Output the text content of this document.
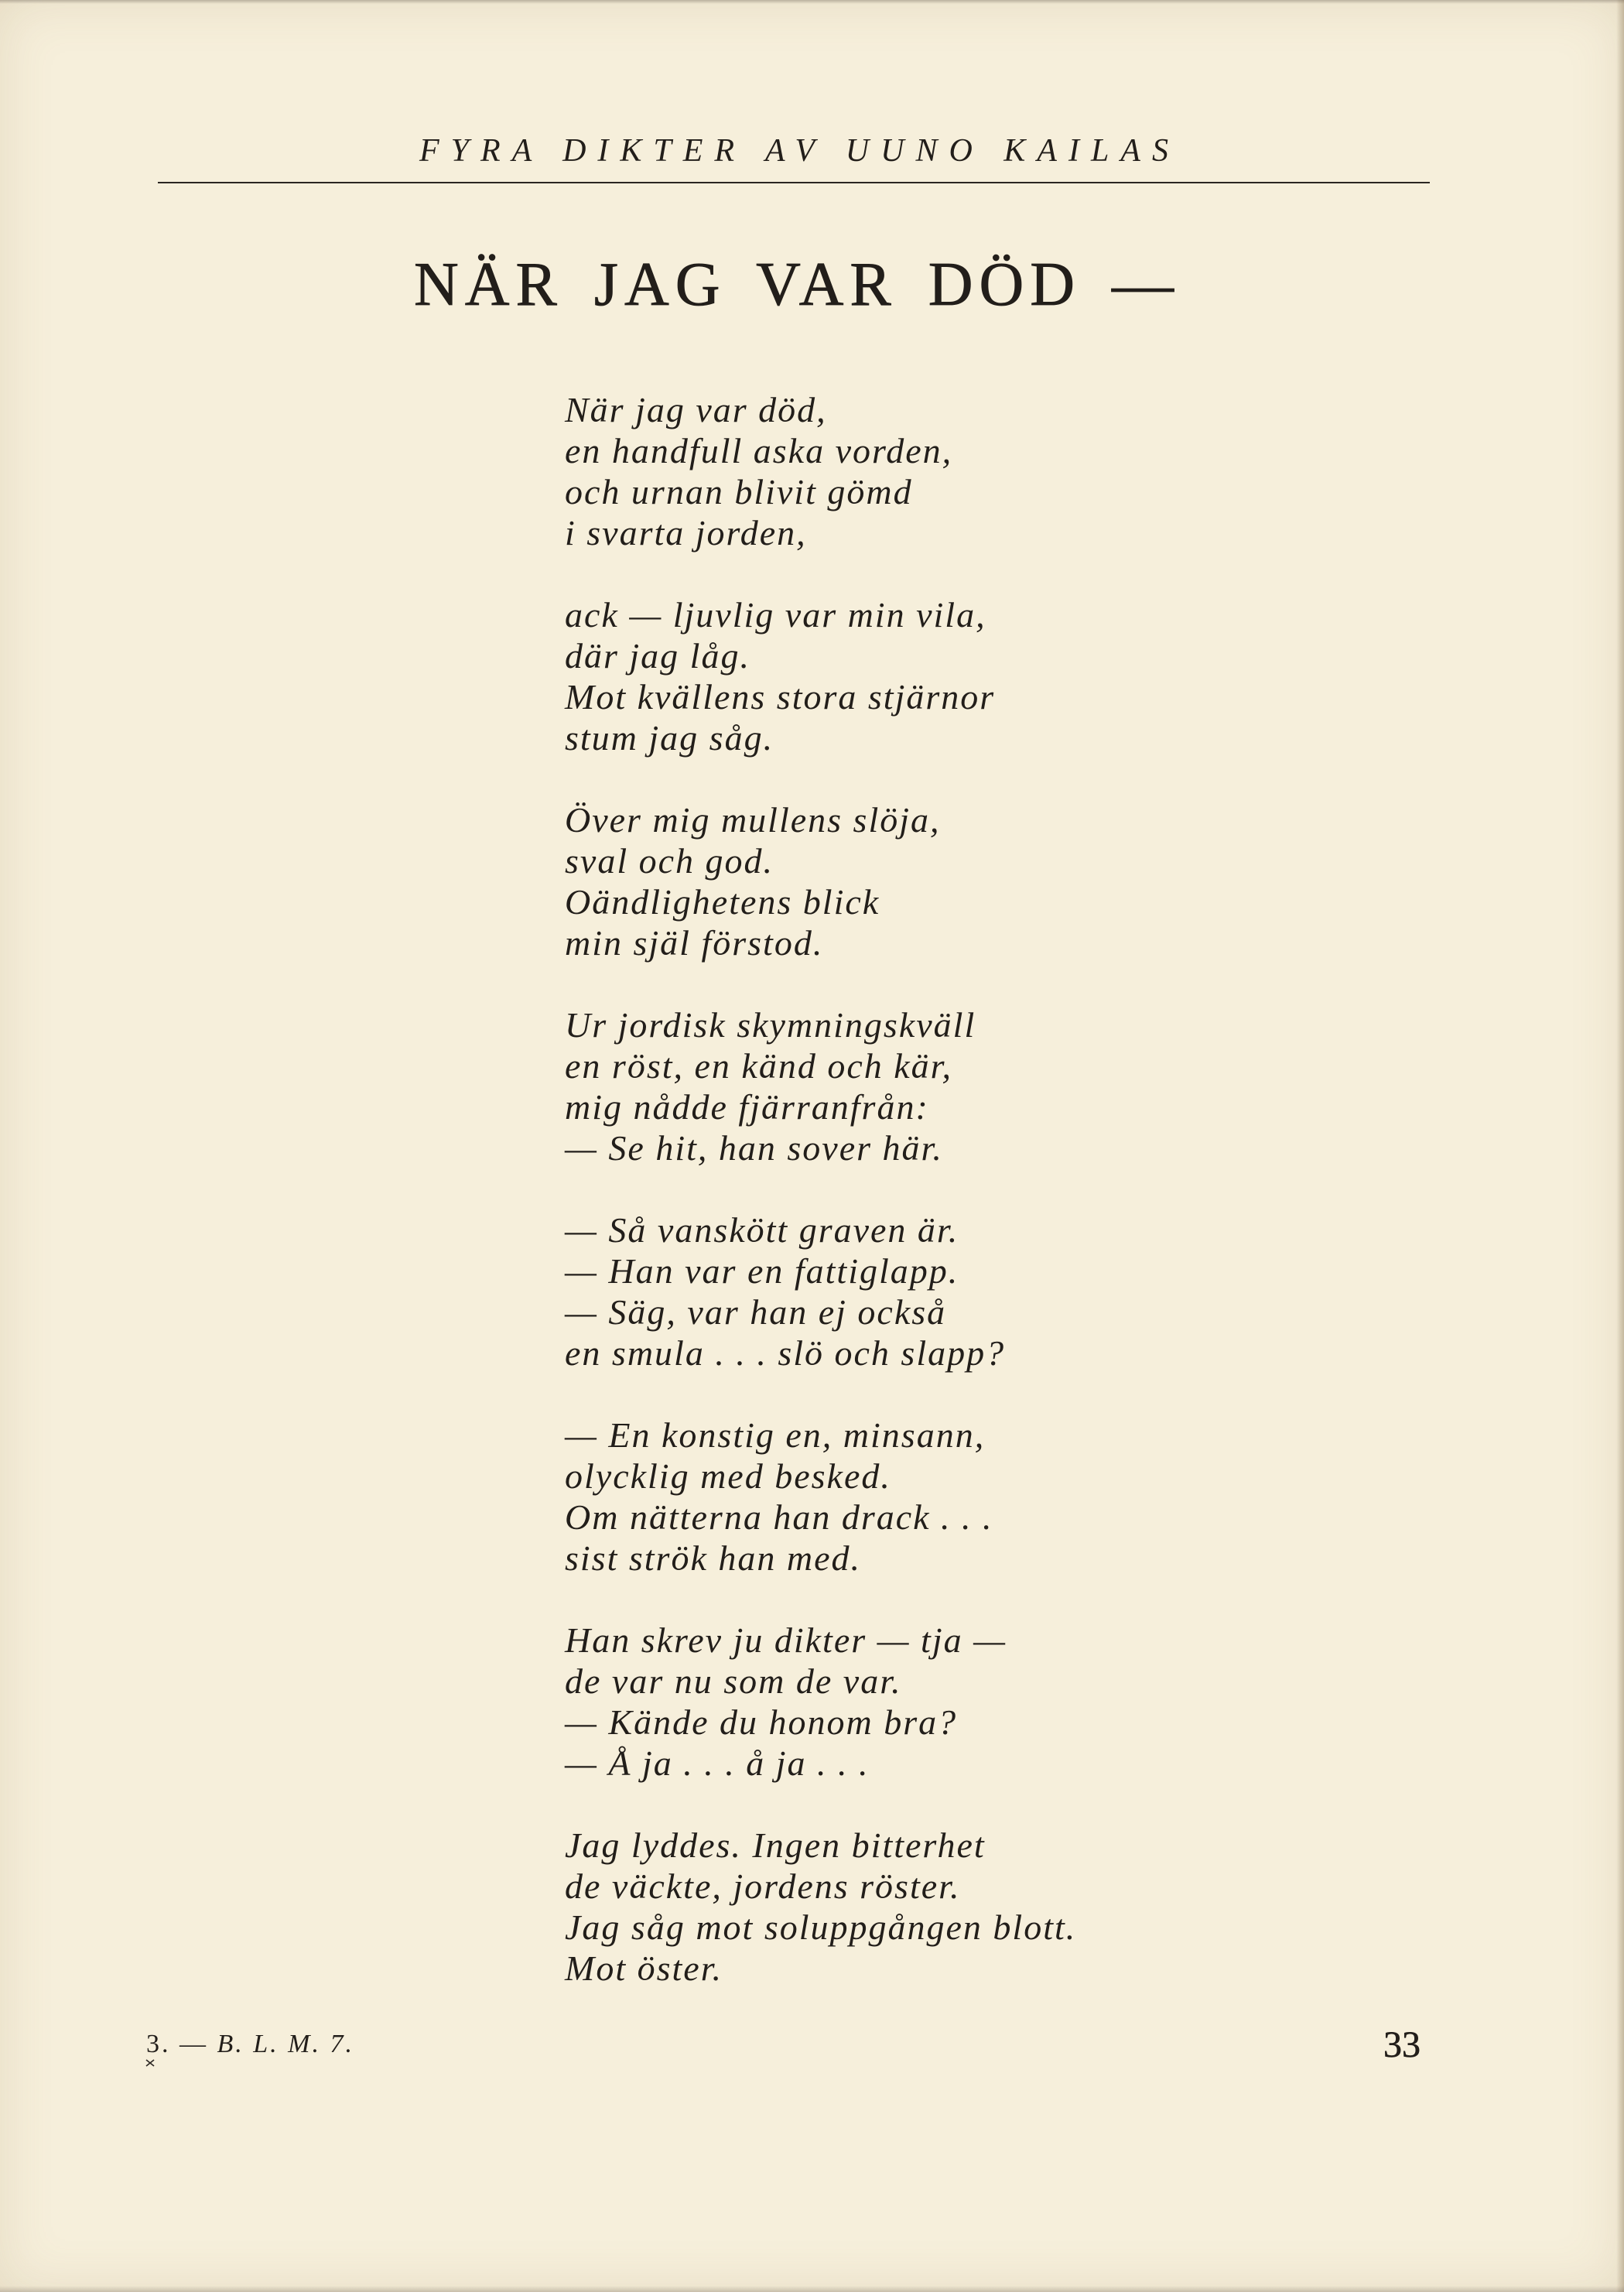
FYRA DIKTER AV UUNO KAILAS
NÄR JAG VAR DÖD —
När jag var död,
en handfull aska vorden,
och urnan blivit gömd
i svarta jorden,
ack — ljuvlig var min vila,
där jag låg.
Mot kvällens stora stjärnor
stum jag såg.
Över mig mullens slöja,
sval och god.
Oändlighetens blick
min själ förstod.
Ur jordisk skymningskväll
en röst, en känd och kär,
mig nådde fjärranfrån:
— Se hit, han sover här.
— Så vanskött graven är.
— Han var en fattiglapp.
— Säg, var han ej också
en smula . . . slö och slapp?
— En konstig en, minsann,
olycklig med besked.
Om nätterna han drack . . .
sist strök han med.
Han skrev ju dikter — tja —
de var nu som de var.
— Kände du honom bra?
— Å ja . . . å ja . . .
Jag lyddes. Ingen bitterhet
de väckte, jordens röster.
Jag såg mot soluppgången blott.
Mot öster.
3. — B. L. M. 7.	33
